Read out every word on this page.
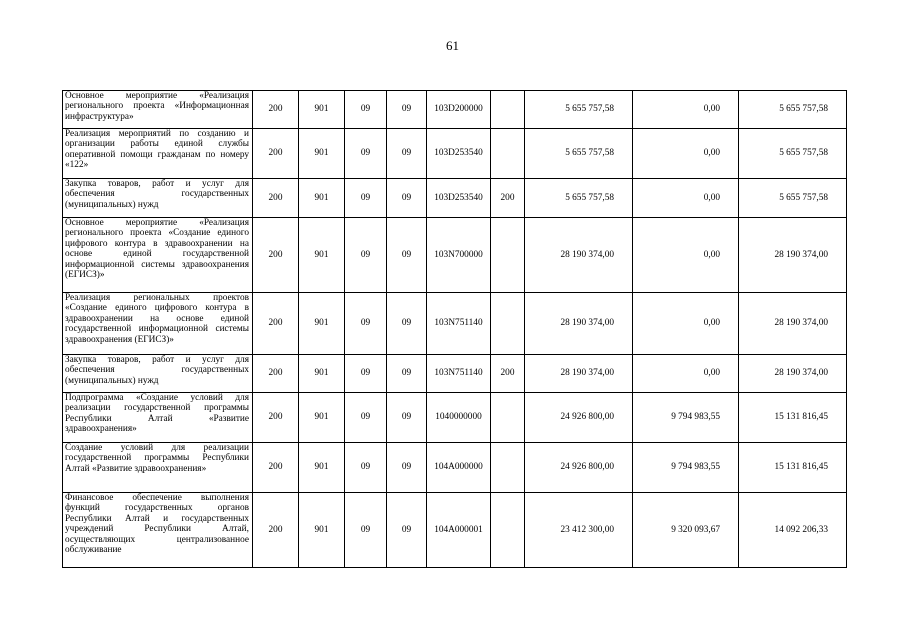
61
Основное мероприятие «Реализация регионального проекта «Информационная инфраструктура»	200	901	09	09	103D200000		5 655 757,58	0,00	5 655 757,58
Реализация мероприятий по созданию и организации работы единой службы оперативной помощи гражданам по номеру «122»	200	901	09	09	103D253540		5 655 757,58	0,00	5 655 757,58
Закупка товаров, работ и услуг для обеспечения государственных (муниципальных) нужд	200	901	09	09	103D253540	200	5 655 757,58	0,00	5 655 757,58
Основное мероприятие «Реализация регионального проекта «Создание единого цифрового контура в здравоохранении на основе единой государственной информационной системы здравоохранения (ЕГИСЗ)»	200	901	09	09	103N700000		28 190 374,00	0,00	28 190 374,00
Реализация региональных проектов «Создание единого цифрового контура в здравоохранении на основе единой государственной информационной системы здравоохранения (ЕГИСЗ)»	200	901	09	09	103N751140		28 190 374,00	0,00	28 190 374,00
Закупка товаров, работ и услуг для обеспечения государственных (муниципальных) нужд	200	901	09	09	103N751140	200	28 190 374,00	0,00	28 190 374,00
Подпрограмма «Создание условий для реализации государственной программы Республики Алтай «Развитие здравоохранения»	200	901	09	09	1040000000		24 926 800,00	9 794 983,55	15 131 816,45
Создание условий для реализации государственной программы Республики Алтай «Развитие здравоохранения»	200	901	09	09	104A000000		24 926 800,00	9 794 983,55	15 131 816,45
Финансовое обеспечение выполнения функций государственных органов Республики Алтай и государственных учреждений Республики Алтай, осуществляющих централизованное обслуживание	200	901	09	09	104A000001		23 412 300,00	9 320 093,67	14 092 206,33
